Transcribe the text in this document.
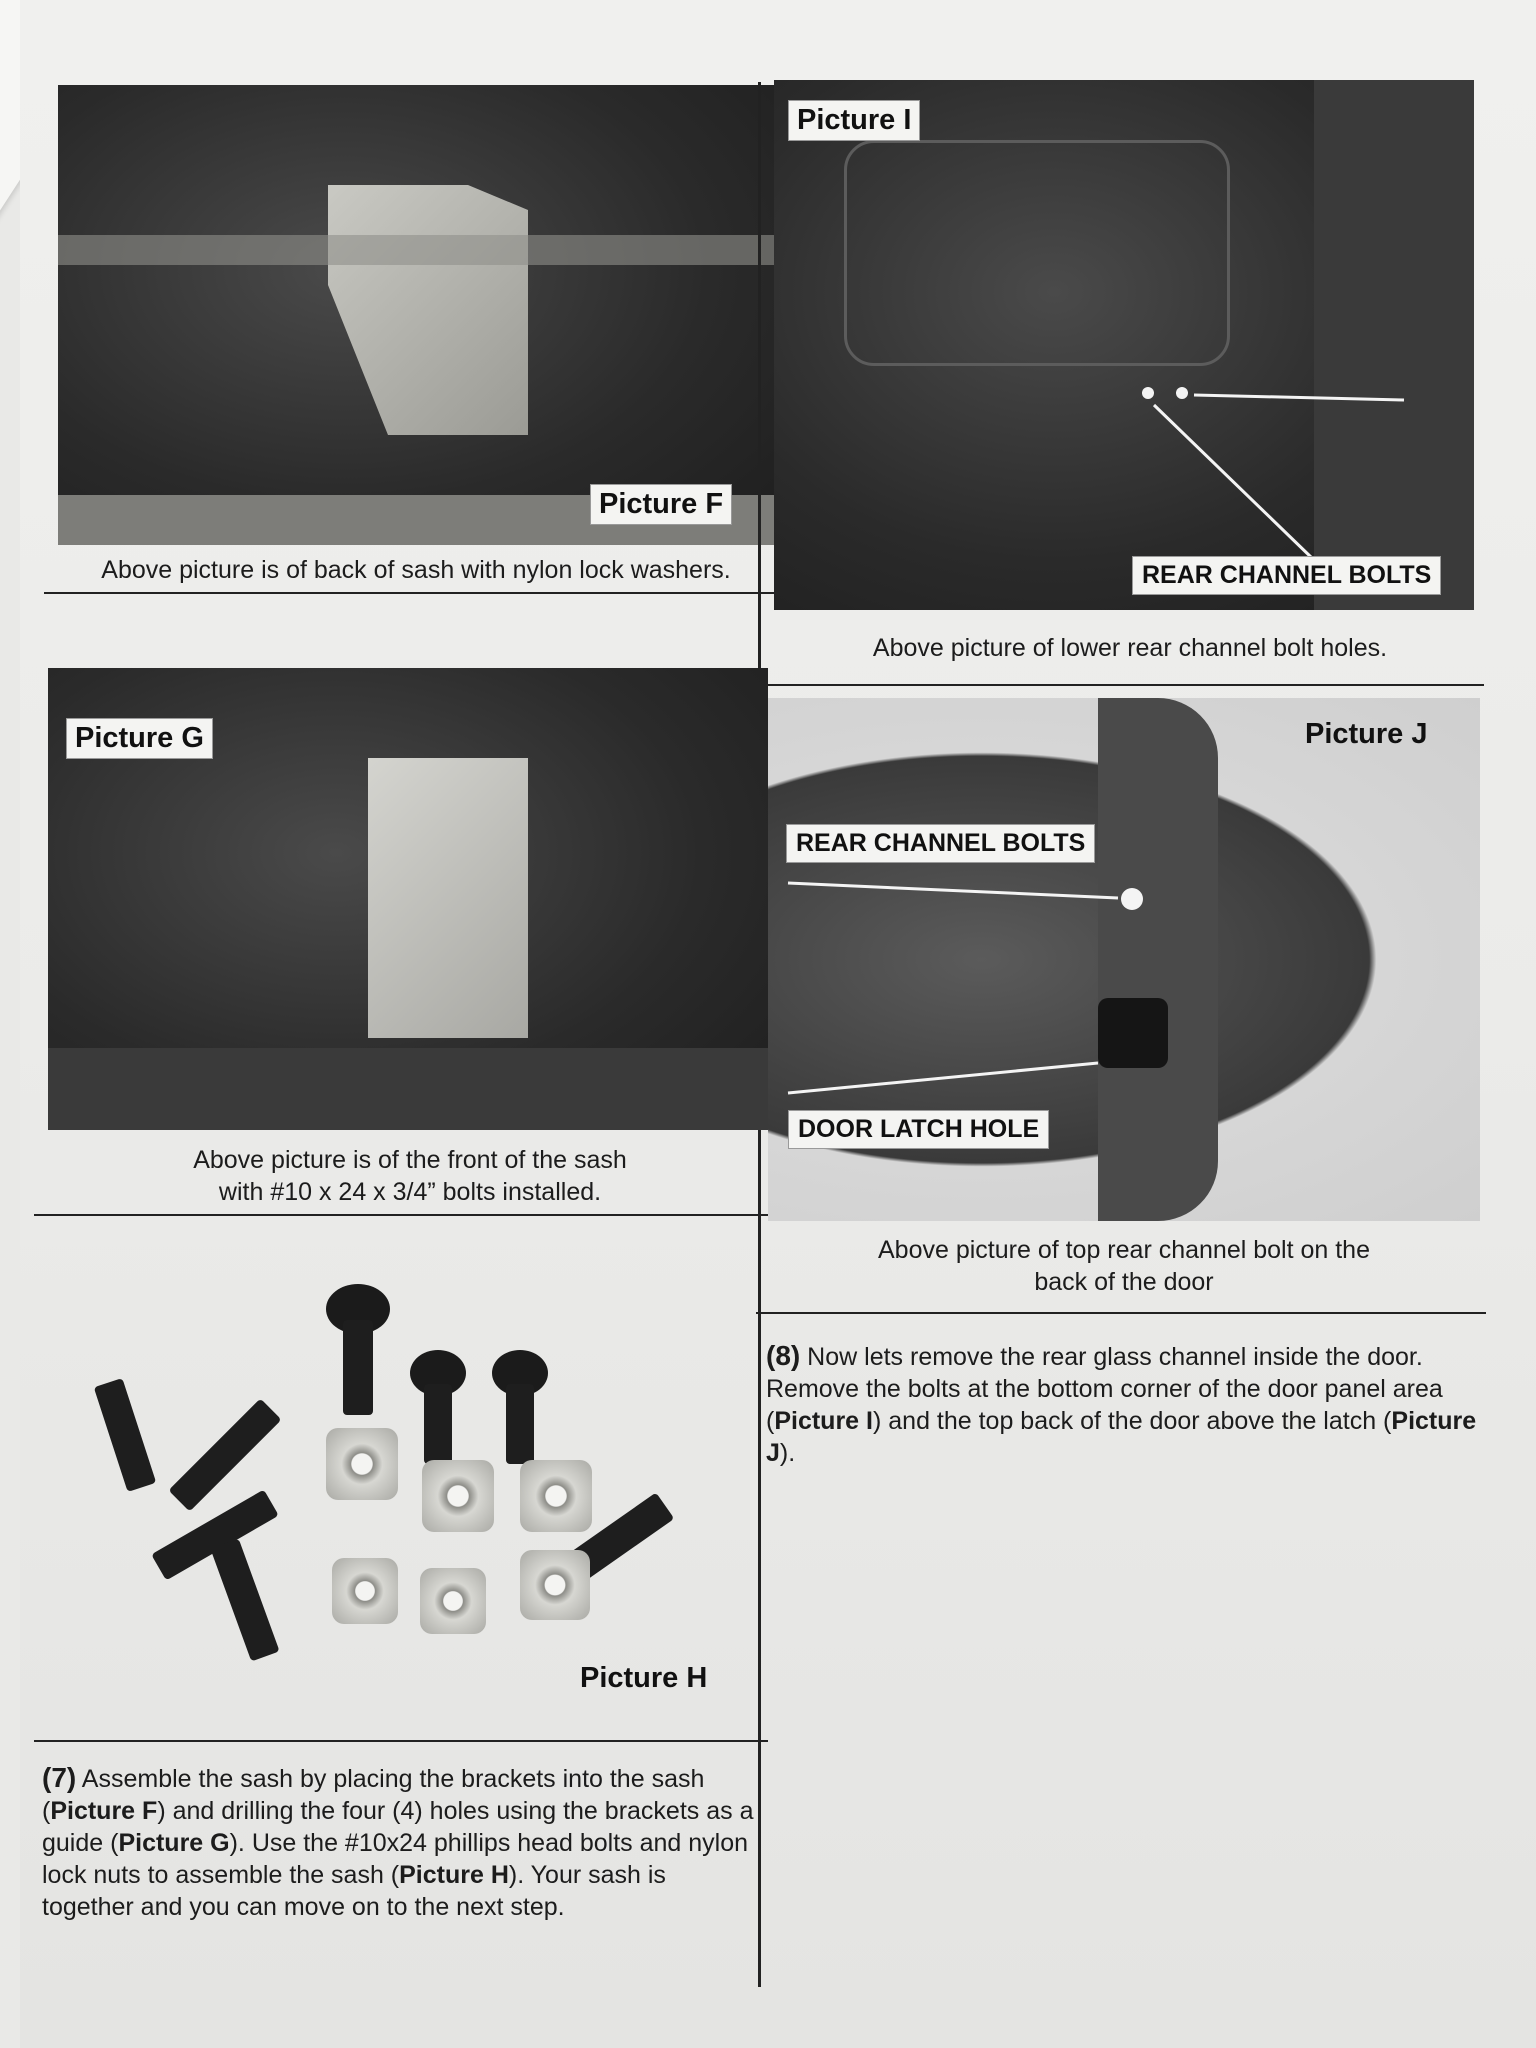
Picture F
Above picture is of back of sash with nylon lock washers.
Picture I
REAR CHANNEL BOLTS
Above picture of lower rear channel bolt holes.
Picture G
Above picture is of the front of the sash
with #10 x 24 x 3/4” bolts installed.
Picture J
REAR CHANNEL BOLTS
DOOR LATCH HOLE
Above picture of top rear channel bolt on the
back of the door
Picture H
(8) Now lets remove the rear glass channel inside the door. Remove the bolts at the bottom corner of the door panel area (Picture I) and the top back of the door above the latch (Picture J).
(7) Assemble the sash by placing the brackets into the sash (Picture F) and drilling the four (4) holes using the brackets as a guide (Picture G). Use the #10x24 phillips head bolts and nylon lock nuts to assemble the sash (Picture H). Your sash is together and you can move on to the next step.
